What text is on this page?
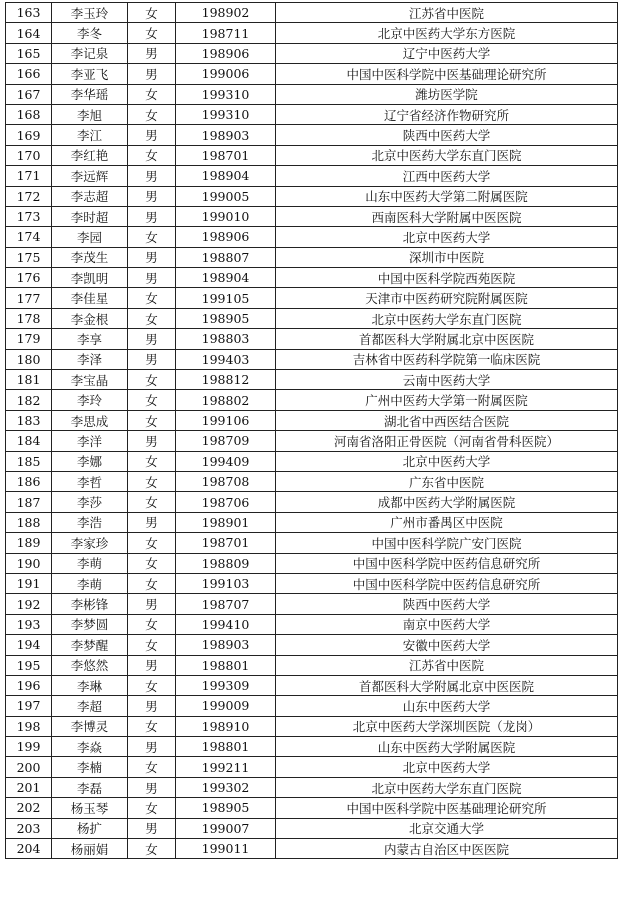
163	李玉玲	女	198902	江苏省中医院
164	李冬	女	198711	北京中医药大学东方医院
165	李记泉	男	198906	辽宁中医药大学
166	李亚飞	男	199006	中国中医科学院中医基础理论研究所
167	李华瑶	女	199310	潍坊医学院
168	李旭	女	199310	辽宁省经济作物研究所
169	李江	男	198903	陕西中医药大学
170	李红艳	女	198701	北京中医药大学东直门医院
171	李远辉	男	198904	江西中医药大学
172	李志超	男	199005	山东中医药大学第二附属医院
173	李时超	男	199010	西南医科大学附属中医医院
174	李园	女	198906	北京中医药大学
175	李茂生	男	198807	深圳市中医院
176	李凯明	男	198904	中国中医科学院西苑医院
177	李佳星	女	199105	天津市中医药研究院附属医院
178	李金根	女	198905	北京中医药大学东直门医院
179	李享	男	198803	首都医科大学附属北京中医医院
180	李泽	男	199403	吉林省中医药科学院第一临床医院
181	李宝晶	女	198812	云南中医药大学
182	李玲	女	198802	广州中医药大学第一附属医院
183	李思成	女	199106	湖北省中西医结合医院
184	李洋	男	198709	河南省洛阳正骨医院（河南省骨科医院）
185	李娜	女	199409	北京中医药大学
186	李哲	女	198708	广东省中医院
187	李莎	女	198706	成都中医药大学附属医院
188	李浩	男	198901	广州市番禺区中医院
189	李家珍	女	198701	中国中医科学院广安门医院
190	李萌	女	198809	中国中医科学院中医药信息研究所
191	李萌	女	199103	中国中医科学院中医药信息研究所
192	李彬锋	男	198707	陕西中医药大学
193	李梦圆	女	199410	南京中医药大学
194	李梦醒	女	198903	安徽中医药大学
195	李悠然	男	198801	江苏省中医院
196	李琳	女	199309	首都医科大学附属北京中医医院
197	李超	男	199009	山东中医药大学
198	李博灵	女	198910	北京中医药大学深圳医院（龙岗）
199	李焱	男	198801	山东中医药大学附属医院
200	李楠	女	199211	北京中医药大学
201	李磊	男	199302	北京中医药大学东直门医院
202	杨玉琴	女	198905	中国中医科学院中医基础理论研究所
203	杨扩	男	199007	北京交通大学
204	杨丽娟	女	199011	内蒙古自治区中医医院
